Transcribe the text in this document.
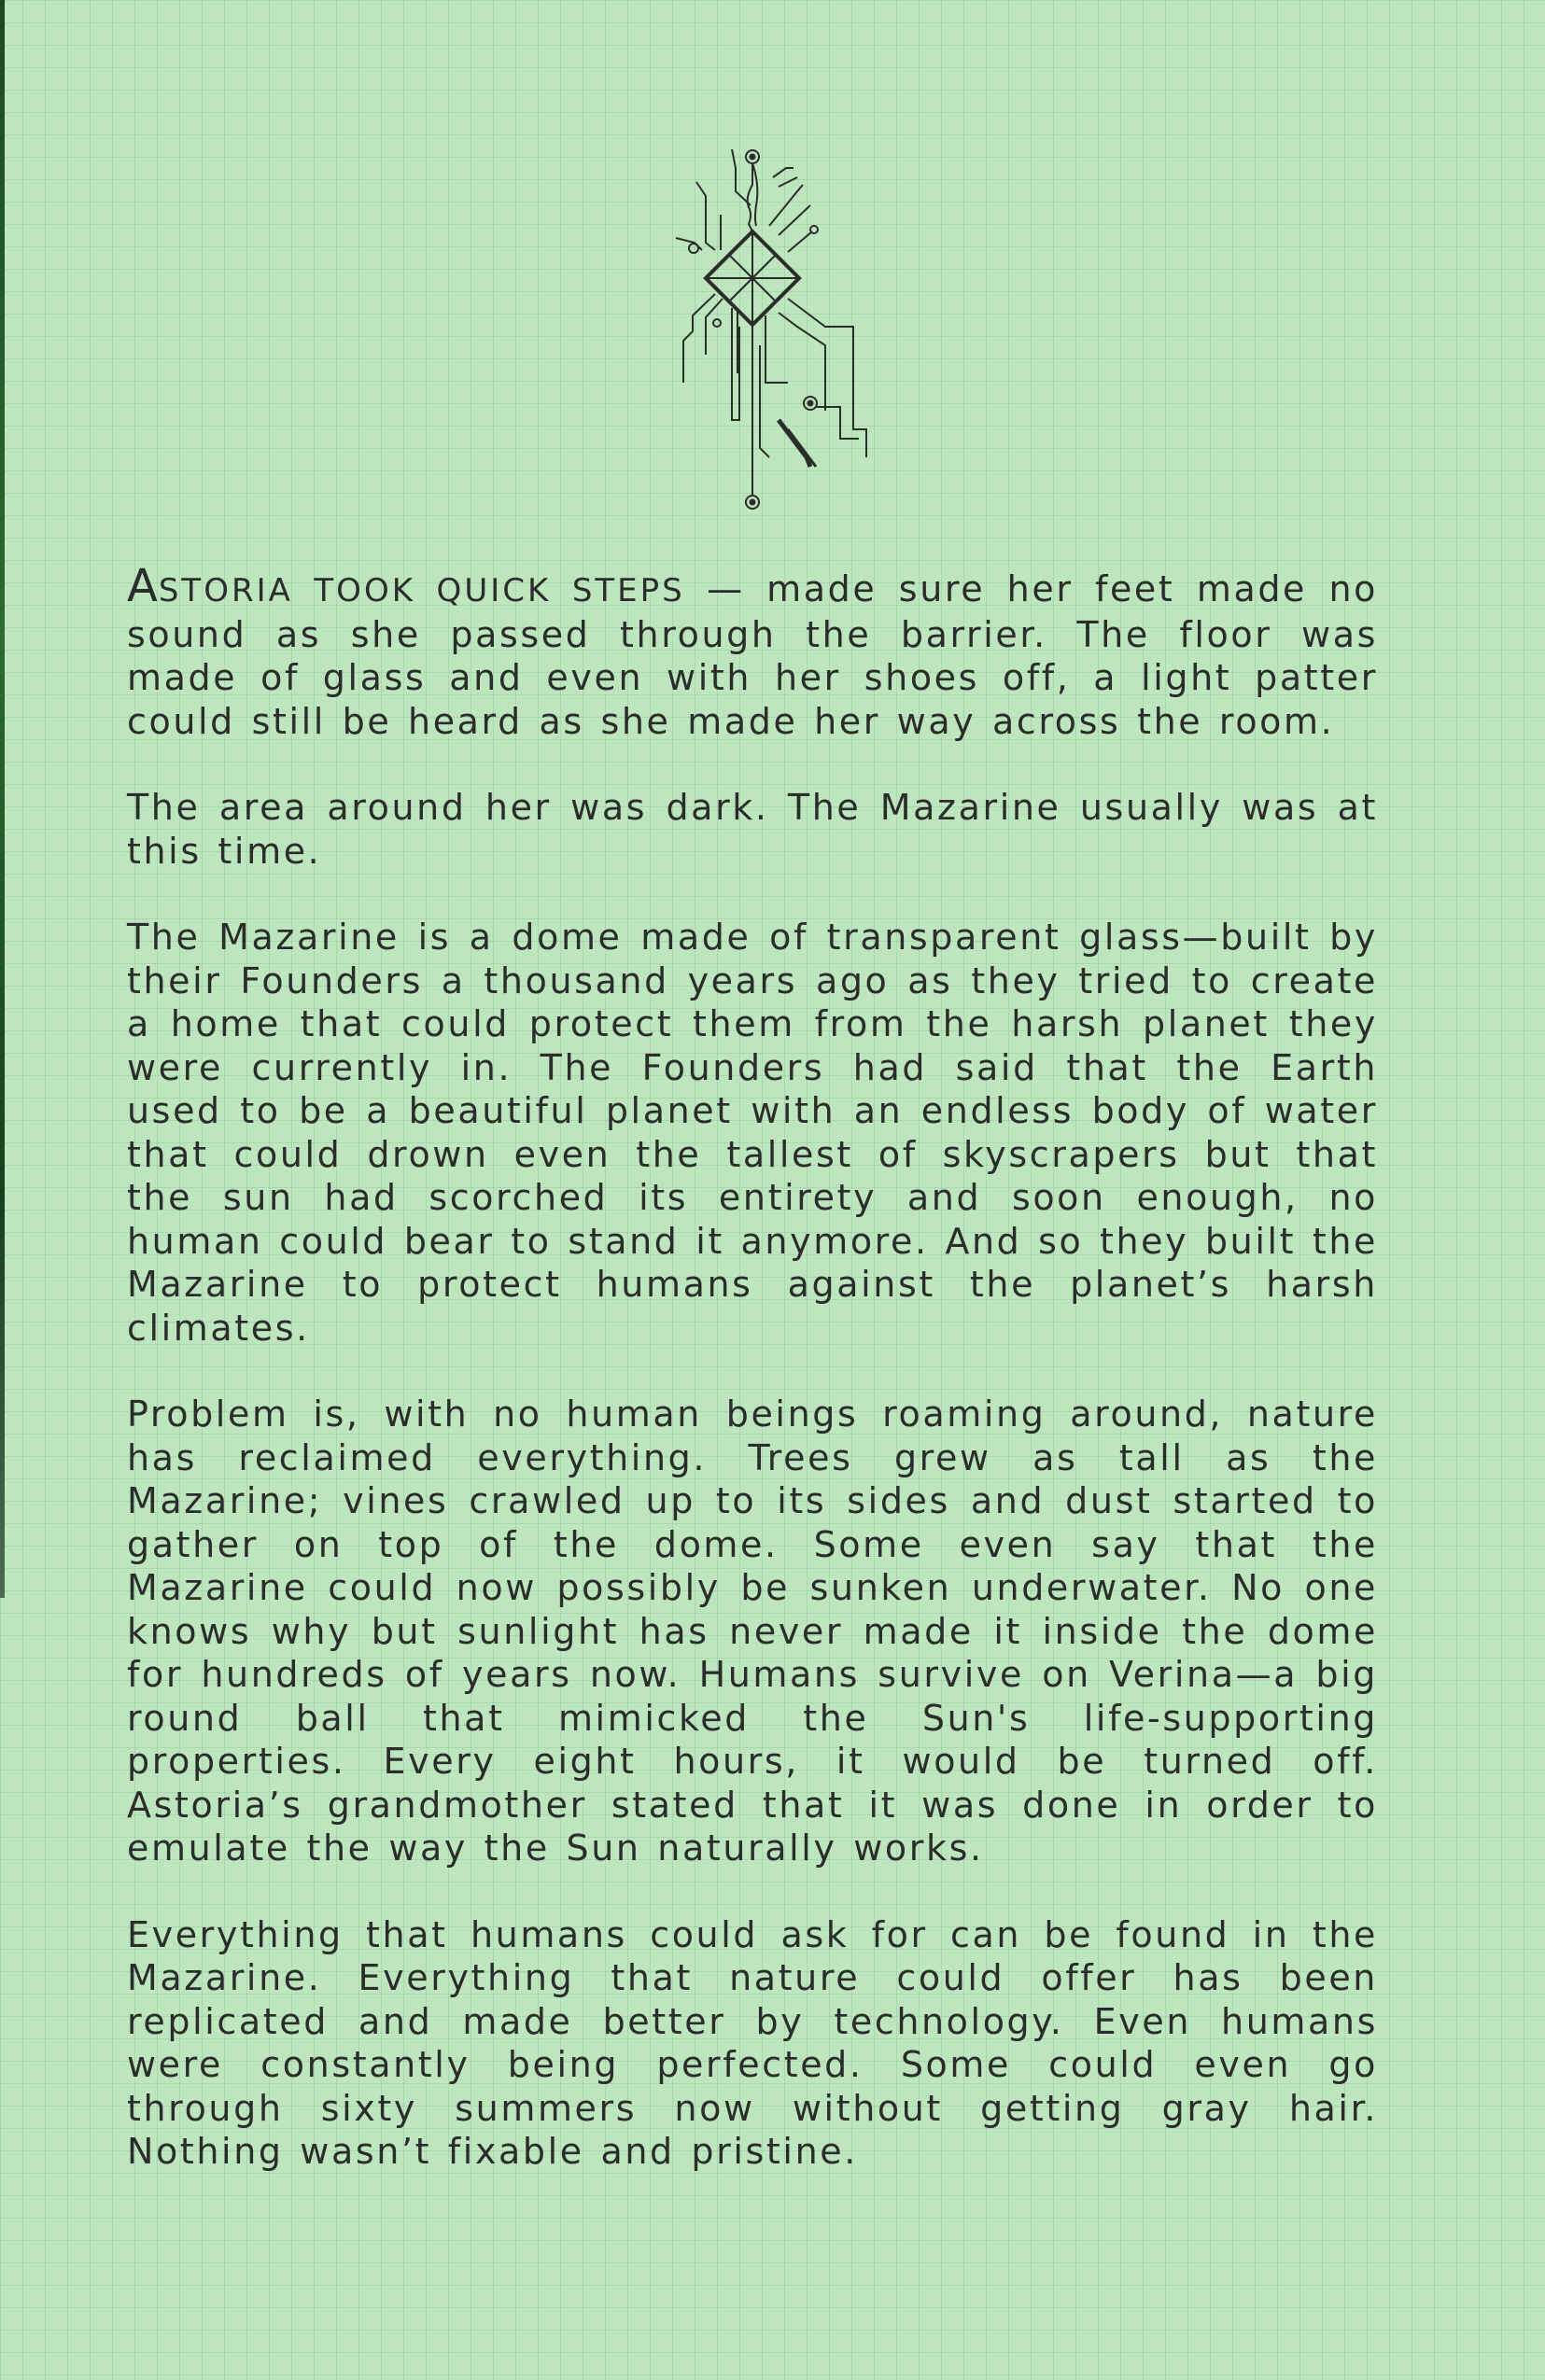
ASTORIA TOOK QUICK STEPS — made sure her feet made no sound as she passed through the barrier. The floor was made of glass and even with her shoes off, a light patter could still be heard as she made her way across the room.

The area around her was dark. The Mazarine usually was at this time.

The Mazarine is a dome made of transparent glass—built by their Founders a thousand years ago as they tried to create a home that could protect them from the harsh planet they were currently in. The Founders had said that the Earth used to be a beautiful planet with an endless body of water that could drown even the tallest of skyscrapers but that the sun had scorched its entirety and soon enough, no human could bear to stand it anymore. And so they built the Mazarine to protect humans against the planet’s harsh climates.

Problem is, with no human beings roaming around, nature has reclaimed everything. Trees grew as tall as the Mazarine; vines crawled up to its sides and dust started to gather on top of the dome. Some even say that the Mazarine could now possibly be sunken underwater. No one knows why but sunlight has never made it inside the dome for hundreds of years now. Humans survive on Verina—a big round ball that mimicked the Sun's life-supporting properties. Every eight hours, it would be turned off. Astoria’s grandmother stated that it was done in order to emulate the way the Sun naturally works.

Everything that humans could ask for can be found in the Mazarine. Everything that nature could offer has been replicated and made better by technology. Even humans were constantly being perfected. Some could even go through sixty summers now without getting gray hair. Nothing wasn’t fixable and pristine.
